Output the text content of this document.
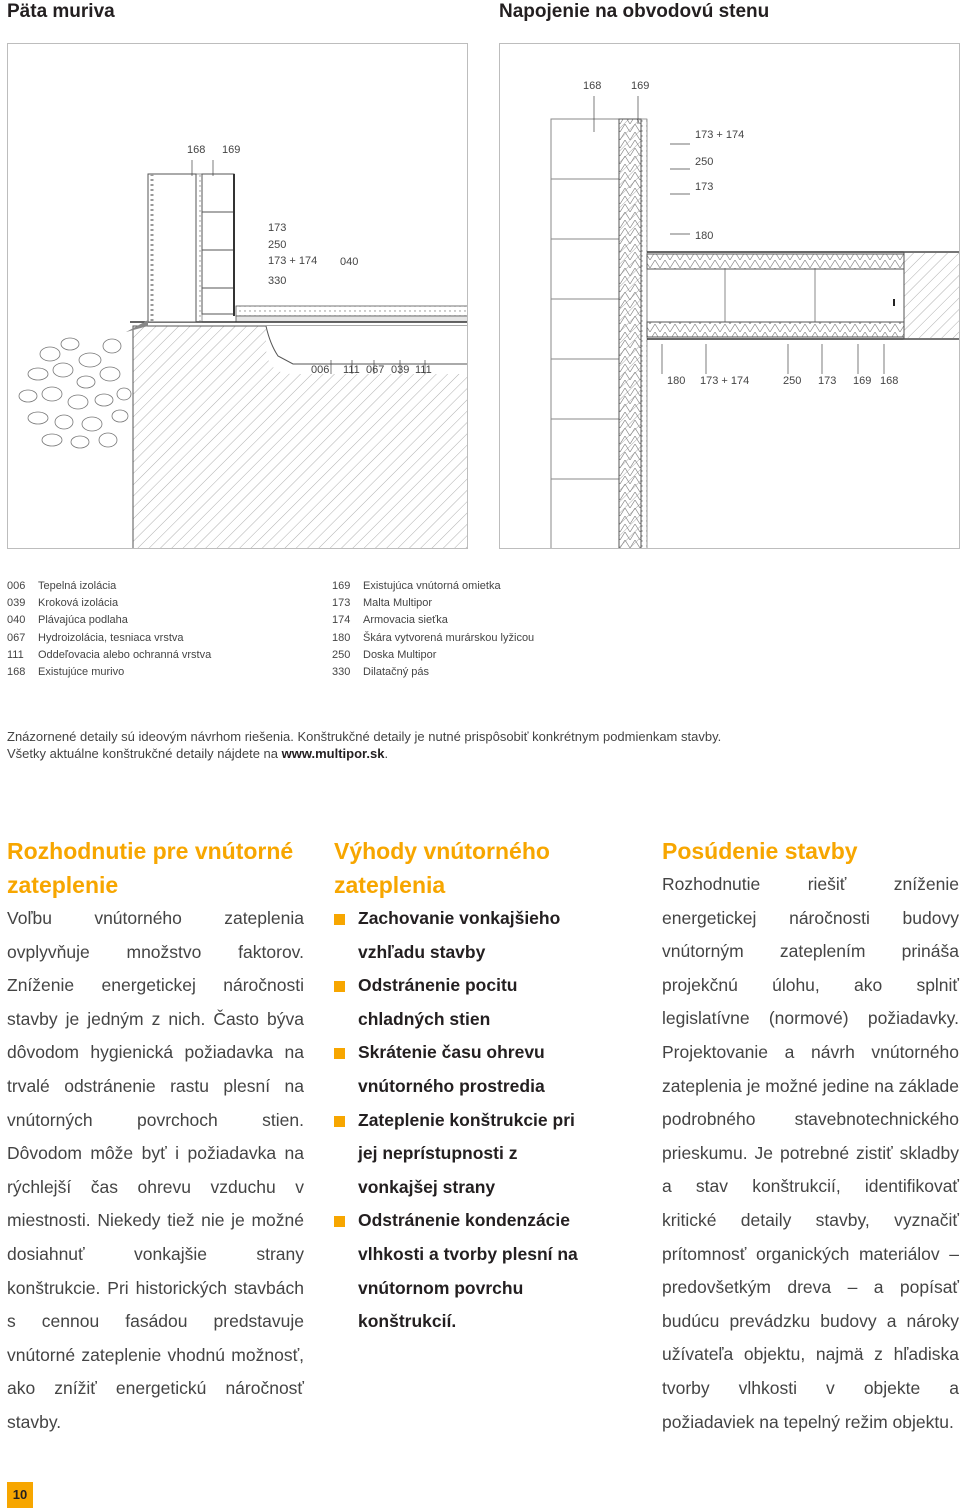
Päta muriva	Napojenie na obvodovú stenu
168 169
173
250
173 + 174
330
040
006 111 067 039 111
168	169
173 + 174
250
173
180
180 173 + 174	250 173 169 168
006	Tepelná izolácia
039	Kroková izolácia
040	Plávajúca podlaha
067	Hydroizolácia, tesniaca vrstva
111	Oddeľovacia alebo ochranná vrstva
168	Existujúce murivo
169	Existujúca vnútorná omietka
173	Malta Multipor
174	Armovacia sieťka
180	Škára vytvorená murárskou lyžicou
250	Doska Multipor
330	Dilatačný pás
Znázornené detaily sú ideovým návrhom riešenia. Konštrukčné detaily je nutné prispôsobiť konkrétnym podmienkam stavby.
Všetky aktuálne konštrukčné detaily nájdete na www.multipor.sk.
Rozhodnutie pre vnútorné zateplenie

Voľbu vnútorného zateplenia ovplyvňuje množstvo faktorov. Zníženie energetickej náročnosti stavby je jedným z nich. Často býva dôvodom hygienická požiadavka na trvalé odstránenie rastu plesní na vnútorných povrchoch stien. Dôvodom môže byť i požiadavka na rýchlejší čas ohrevu vzduchu v miestnosti. Niekedy tiež nie je možné dosiahnuť vonkajšie strany konštrukcie. Pri historických stavbách s cennou fasádou predstavuje vnútorné zateplenie vhodnú možnosť, ako znížiť energetickú náročnosť stavby.

Výhody vnútorného zateplenia
Zachovanie vonkajšieho vzhľadu stavby
Odstránenie pocitu chladných stien
Skrátenie času ohrevu vnútorného prostredia
Zateplenie konštrukcie pri jej neprístupnosti z vonkajšej strany
Odstránenie kondenzácie vlhkosti a tvorby plesní na vnútornom povrchu konštrukcií.
Posúdenie stavby

Rozhodnutie riešiť zníženie energetickej náročnosti budovy vnútorným zateplením prináša projekčnú úlohu, ako splniť legislatívne (normové) požiadavky. Projektovanie a návrh vnútorného zateplenia je možné jedine na základe podrobného stavebnotechnického prieskumu. Je potrebné zistiť skladby a stav konštrukcií, identifikovať kritické detaily stavby, vyznačiť prítomnosť organických materiálov – predovšetkým dreva – a popísať budúcu prevádzku budovy a nároky užívateľa objektu, najmä z hľadiska tvorby vlhkosti v objekte a požiadaviek na tepelný režim objektu.

10
